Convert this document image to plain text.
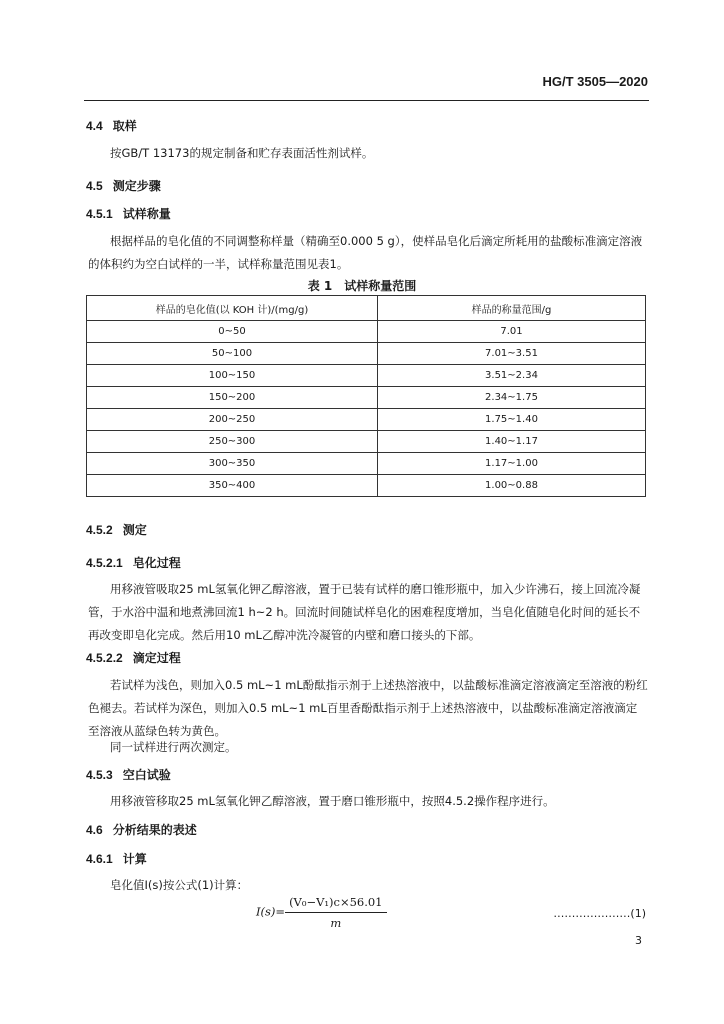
HG/T 3505—2020
4.4 取样
按GB/T 13173的规定制备和贮存表面活性剂试样。
4.5 测定步骤
4.5.1 试样称量
根据样品的皂化值的不同调整称样量（精确至0.000 5 g），使样品皂化后滴定所耗用的盐酸标准滴定溶液的体积约为空白试样的一半，试样称量范围见表1。
表 1 试样称量范围
样品的皂化值(以 KOH 计)/(mg/g)	样品的称量范围/g
0~50	7.01
50~100	7.01~3.51
100~150	3.51~2.34
150~200	2.34~1.75
200~250	1.75~1.40
250~300	1.40~1.17
300~350	1.17~1.00
350~400	1.00~0.88
4.5.2 测定
4.5.2.1 皂化过程
用移液管吸取25 mL氢氧化钾乙醇溶液，置于已装有试样的磨口锥形瓶中，加入少许沸石，接上回流冷凝管，于水浴中温和地煮沸回流1 h~2 h。回流时间随试样皂化的困难程度增加，当皂化值随皂化时间的延长不再改变即皂化完成。然后用10 mL乙醇冲洗冷凝管的内壁和磨口接头的下部。
4.5.2.2 滴定过程
若试样为浅色，则加入0.5 mL~1 mL酚酞指示剂于上述热溶液中，以盐酸标准滴定溶液滴定至溶液的粉红色褪去。若试样为深色，则加入0.5 mL~1 mL百里香酚酞指示剂于上述热溶液中，以盐酸标准滴定溶液滴定至溶液从蓝绿色转为黄色。
同一试样进行两次测定。
4.5.3 空白试验
用移液管移取25 mL氢氧化钾乙醇溶液，置于磨口锥形瓶中，按照4.5.2操作程序进行。
4.6 分析结果的表述
4.6.1 计算
皂化值I(s)按公式(1)计算：
$I(s)= \frac{\text{(V₀−V₁)c×56.01}}{m}$	…………………(1)
3
